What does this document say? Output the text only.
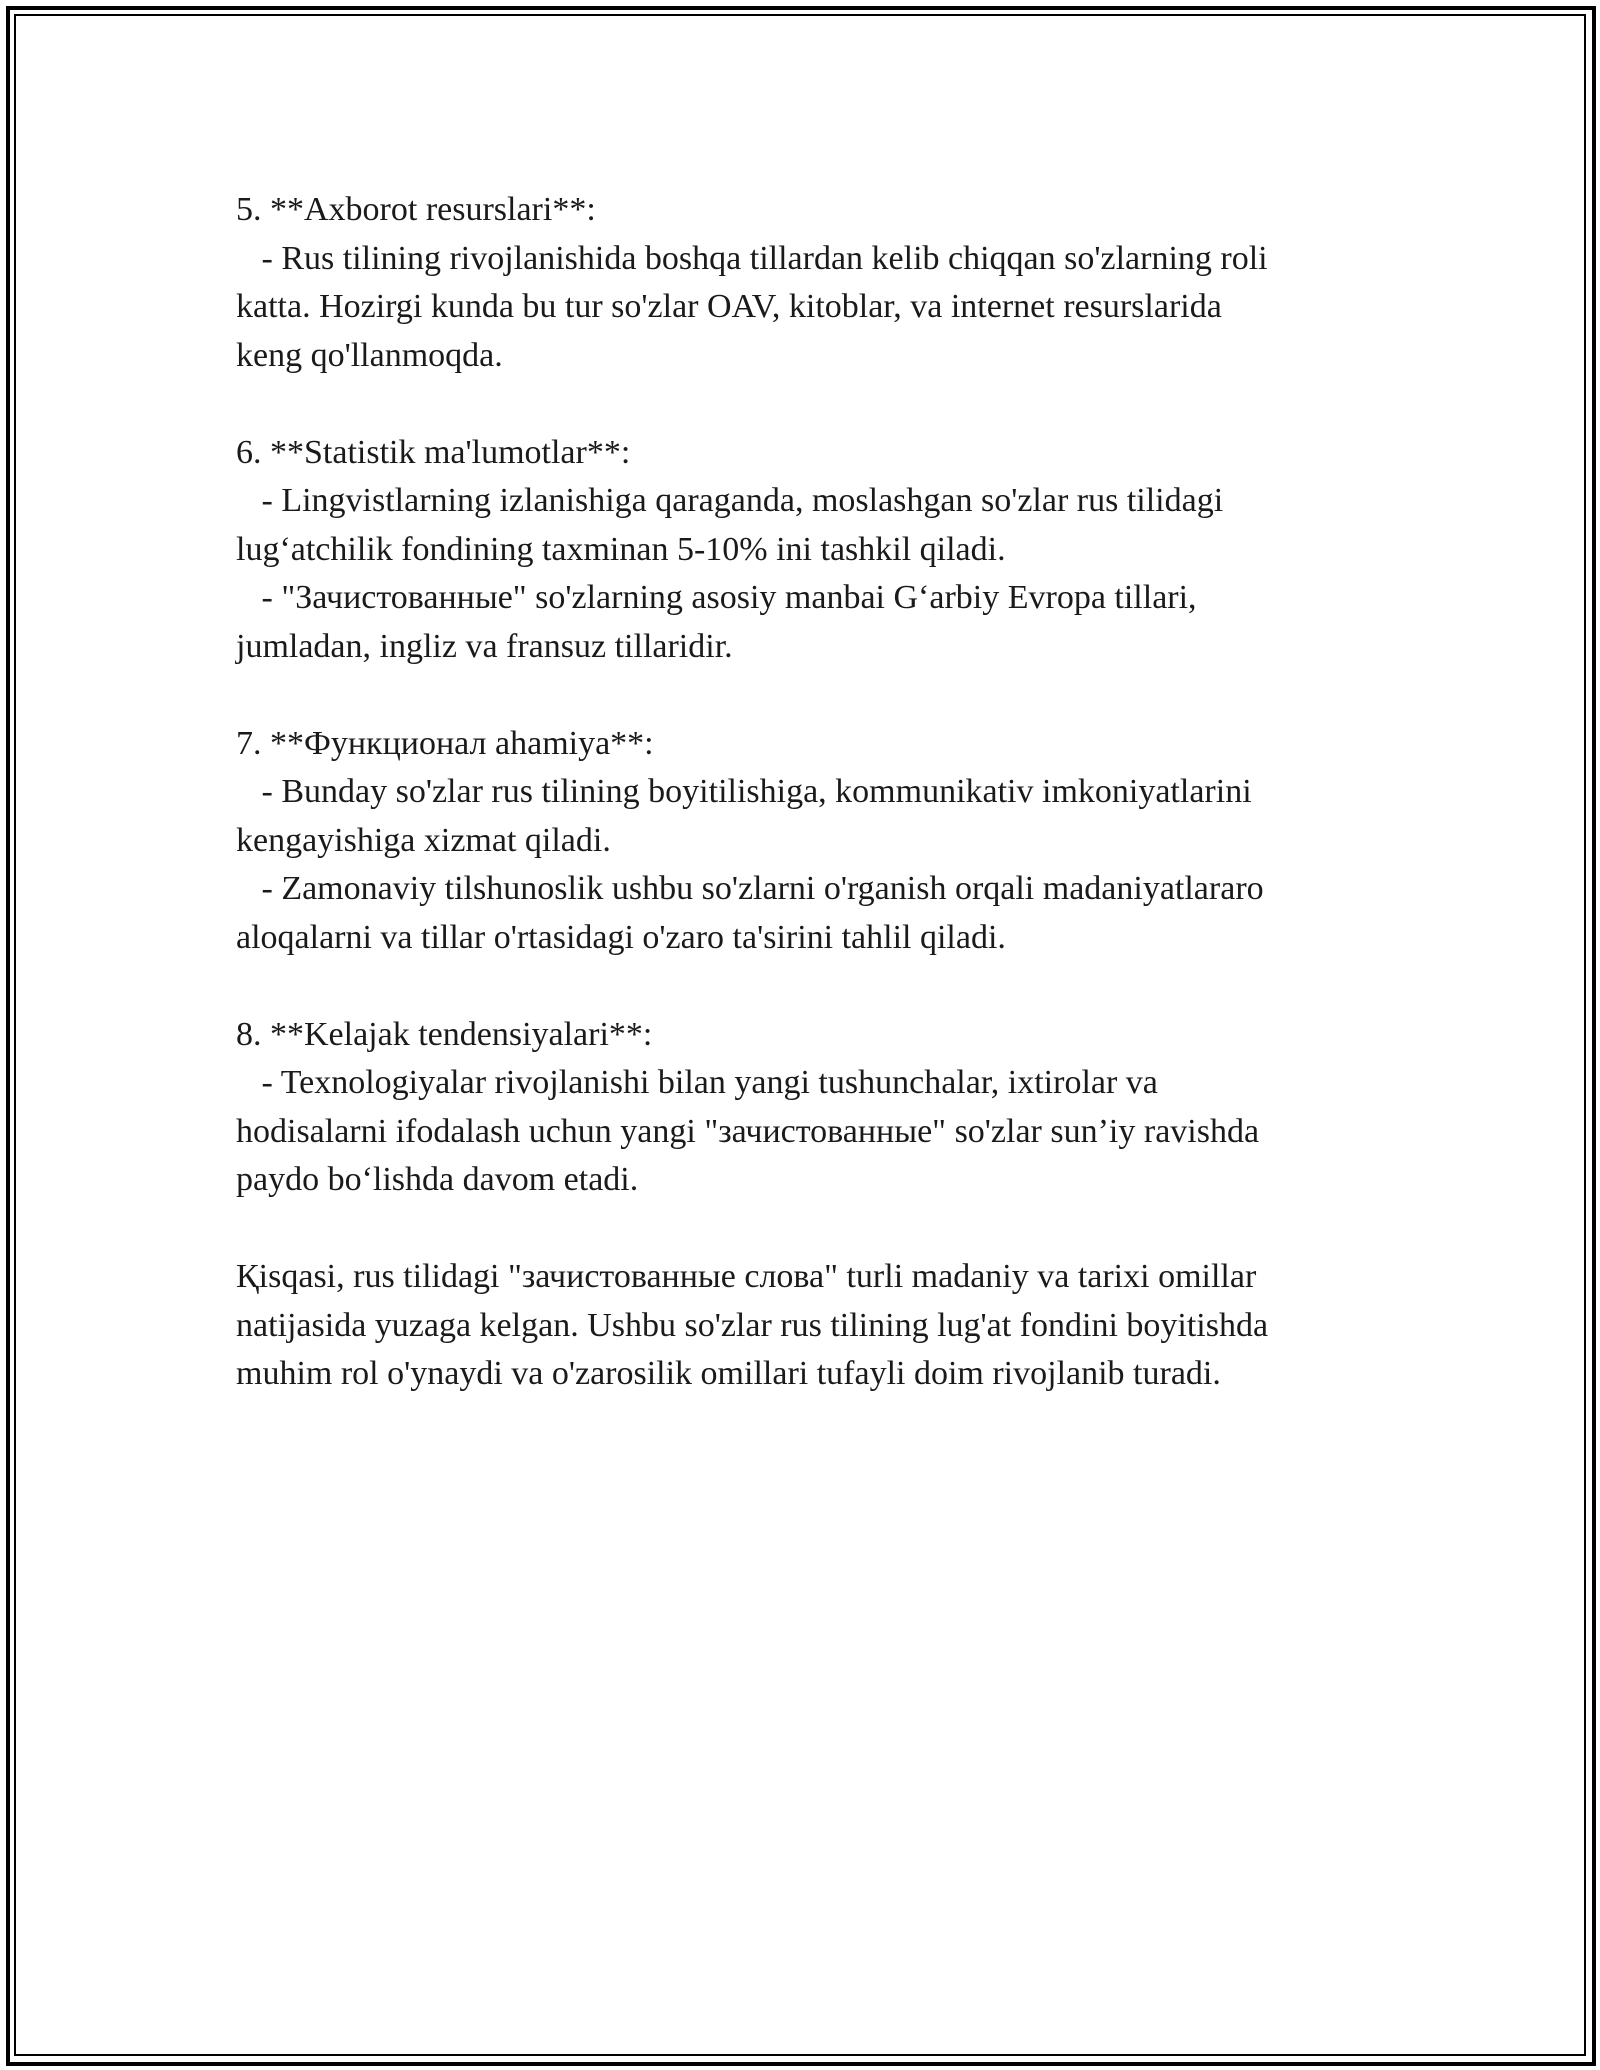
5. **Axborot resurslari**:
- Rus tilining rivojlanishida boshqa tillardan kelib chiqqan so'zlarning roli
katta. Hozirgi kunda bu tur so'zlar OAV, kitoblar, va internet resurslarida
keng qo'llanmoqda.
6. **Statistik ma'lumotlar**:
- Lingvistlarning izlanishiga qaraganda, moslashgan so'zlar rus tilidagi
lug‘atchilik fondining taxminan 5-10% ini tashkil qiladi.
- "Зачистованные" so'zlarning asosiy manbai G‘arbiy Evropa tillari,
jumladan, ingliz va fransuz tillaridir.
7. **Функционал ahamiya**:
- Bunday so'zlar rus tilining boyitilishiga, kommunikativ imkoniyatlarini
kengayishiga xizmat qiladi.
- Zamonaviy tilshunoslik ushbu so'zlarni o'rganish orqali madaniyatlararo
aloqalarni va tillar o'rtasidagi o'zaro ta'sirini tahlil qiladi.
8. **Kelajak tendensiyalari**:
- Texnologiyalar rivojlanishi bilan yangi tushunchalar, ixtirolar va
hodisalarni ifodalash uchun yangi "зачистованные" so'zlar sun’iy ravishda
paydo bo‘lishda davom etadi.
Қisqasi, rus tilidagi "зачистованные слова" turli madaniy va tarixi omillar
natijasida yuzaga kelgan. Ushbu so'zlar rus tilining lug'at fondini boyitishda
muhim rol o'ynaydi va o'zarosilik omillari tufayli doim rivojlanib turadi.
